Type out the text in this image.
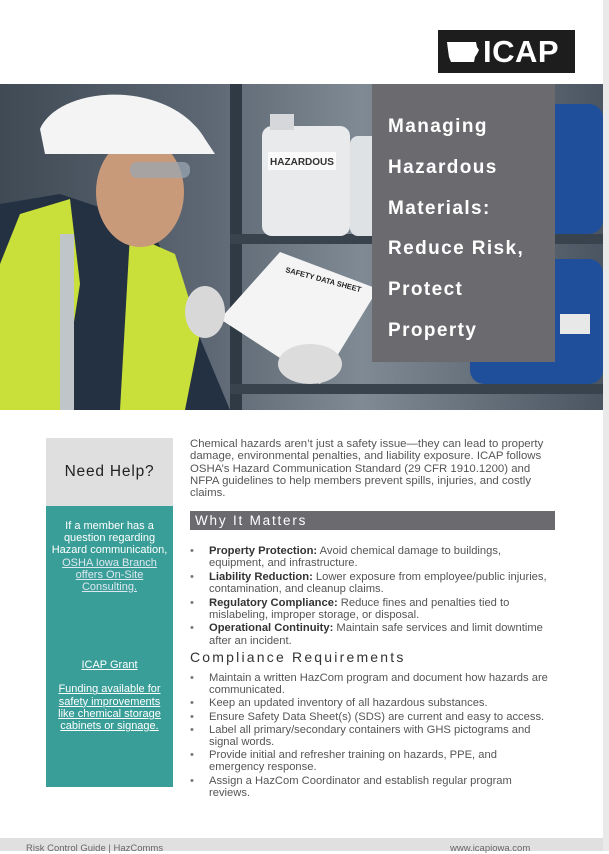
ICAP
HAZARDOUS
SAFETY DATA SHEET
Managing
Hazardous
Materials:
Reduce Risk,
Protect
Property
Need Help?
If a member has a question regarding Hazard communication,
OSHA Iowa Branch offers On-Site Consulting.
ICAP Grant
Funding available for safety improvements like chemical storage cabinets or signage.
Chemical hazards aren’t just a safety issue—they can lead to property damage, environmental penalties, and liability exposure. ICAP follows OSHA’s Hazard Communication Standard (29 CFR 1910.1200) and NFPA guidelines to help members prevent spills, injuries, and costly claims.
Why It Matters
• Property Protection: Avoid chemical damage to buildings, equipment, and infrastructure.
• Liability Reduction: Lower exposure from employee/public injuries, contamination, and cleanup claims.
• Regulatory Compliance: Reduce fines and penalties tied to mislabeling, improper storage, or disposal.
• Operational Continuity: Maintain safe services and limit downtime after an incident.
Compliance Requirements
• Maintain a written HazCom program and document how hazards are communicated.
• Keep an updated inventory of all hazardous substances.
• Ensure Safety Data Sheet(s) (SDS) are current and easy to access.
• Label all primary/secondary containers with GHS pictograms and signal words.
• Provide initial and refresher training on hazards, PPE, and emergency response.
• Assign a HazCom Coordinator and establish regular program reviews.
Risk Control Guide | HazComms	www.icapiowa.com
